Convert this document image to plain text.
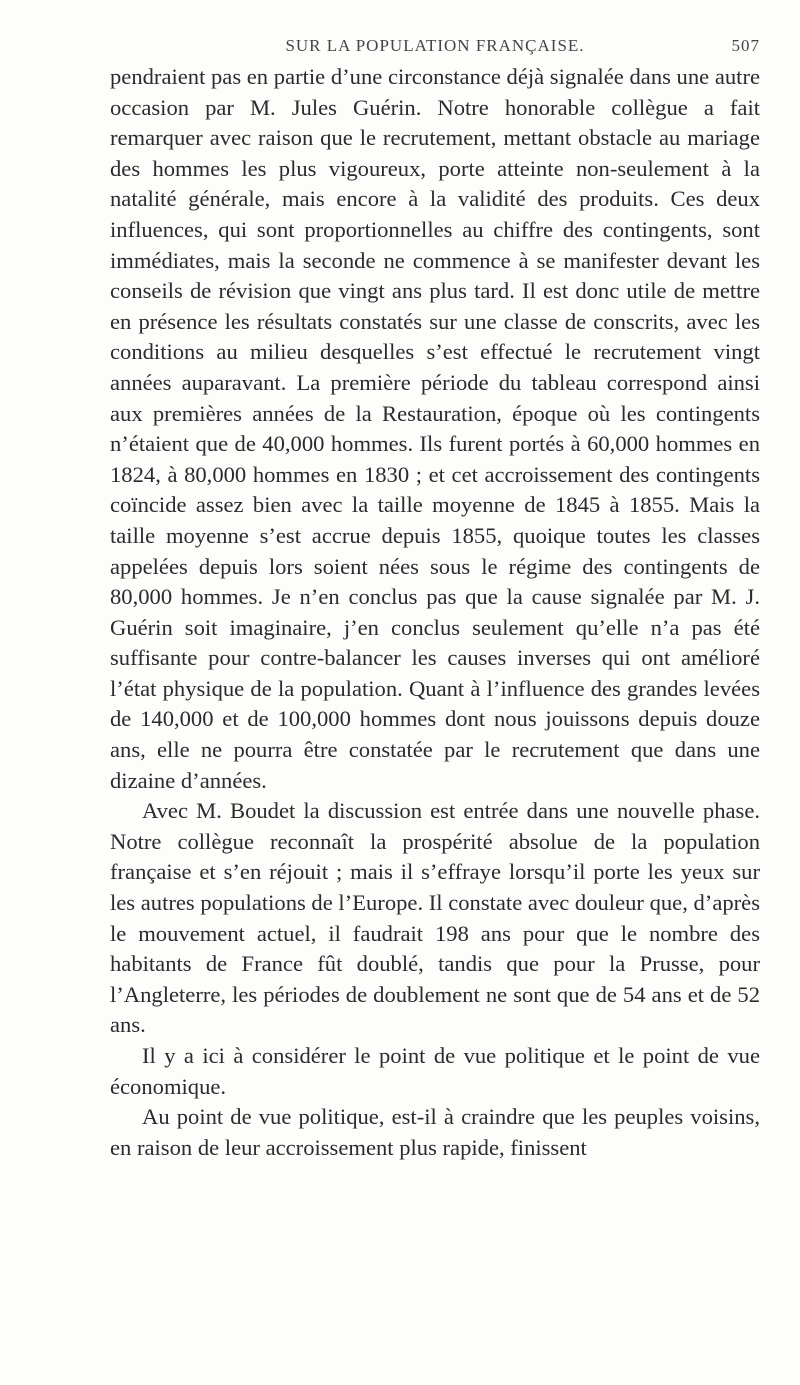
SUR LA POPULATION FRANÇAISE.	507

pendraient pas en partie d’une circonstance déjà signalée dans une autre occasion par M. Jules Guérin. Notre honorable collègue a fait remarquer avec raison que le recrutement, mettant obstacle au mariage des hommes les plus vigoureux, porte atteinte non-seulement à la natalité générale, mais encore à la validité des produits. Ces deux influences, qui sont proportionnelles au chiffre des contingents, sont immédiates, mais la seconde ne commence à se manifester devant les conseils de révision que vingt ans plus tard. Il est donc utile de mettre en présence les résultats constatés sur une classe de conscrits, avec les conditions au milieu desquelles s’est effectué le recrutement vingt années auparavant. La première période du tableau correspond ainsi aux premières années de la Restauration, époque où les contingents n’étaient que de 40,000 hommes. Ils furent portés à 60,000 hommes en 1824, à 80,000 hommes en 1830 ; et cet accroissement des contingents coïncide assez bien avec la taille moyenne de 1845 à 1855. Mais la taille moyenne s’est accrue depuis 1855, quoique toutes les classes appelées depuis lors soient nées sous le régime des contingents de 80,000 hommes. Je n’en conclus pas que la cause signalée par M. J. Guérin soit imaginaire, j’en conclus seulement qu’elle n’a pas été suffisante pour contre-balancer les causes inverses qui ont amélioré l’état physique de la population. Quant à l’influence des grandes levées de 140,000 et de 100,000 hommes dont nous jouissons depuis douze ans, elle ne pourra être constatée par le recrutement que dans une dizaine d’années.

Avec M. Boudet la discussion est entrée dans une nouvelle phase. Notre collègue reconnaît la prospérité absolue de la population française et s’en réjouit ; mais il s’effraye lorsqu’il porte les yeux sur les autres populations de l’Europe. Il constate avec douleur que, d’après le mouvement actuel, il faudrait 198 ans pour que le nombre des habitants de France fût doublé, tandis que pour la Prusse, pour l’Angleterre, les périodes de doublement ne sont que de 54 ans et de 52 ans.

Il y a ici à considérer le point de vue politique et le point de vue économique.

Au point de vue politique, est-il à craindre que les peuples voisins, en raison de leur accroissement plus rapide, finissent
